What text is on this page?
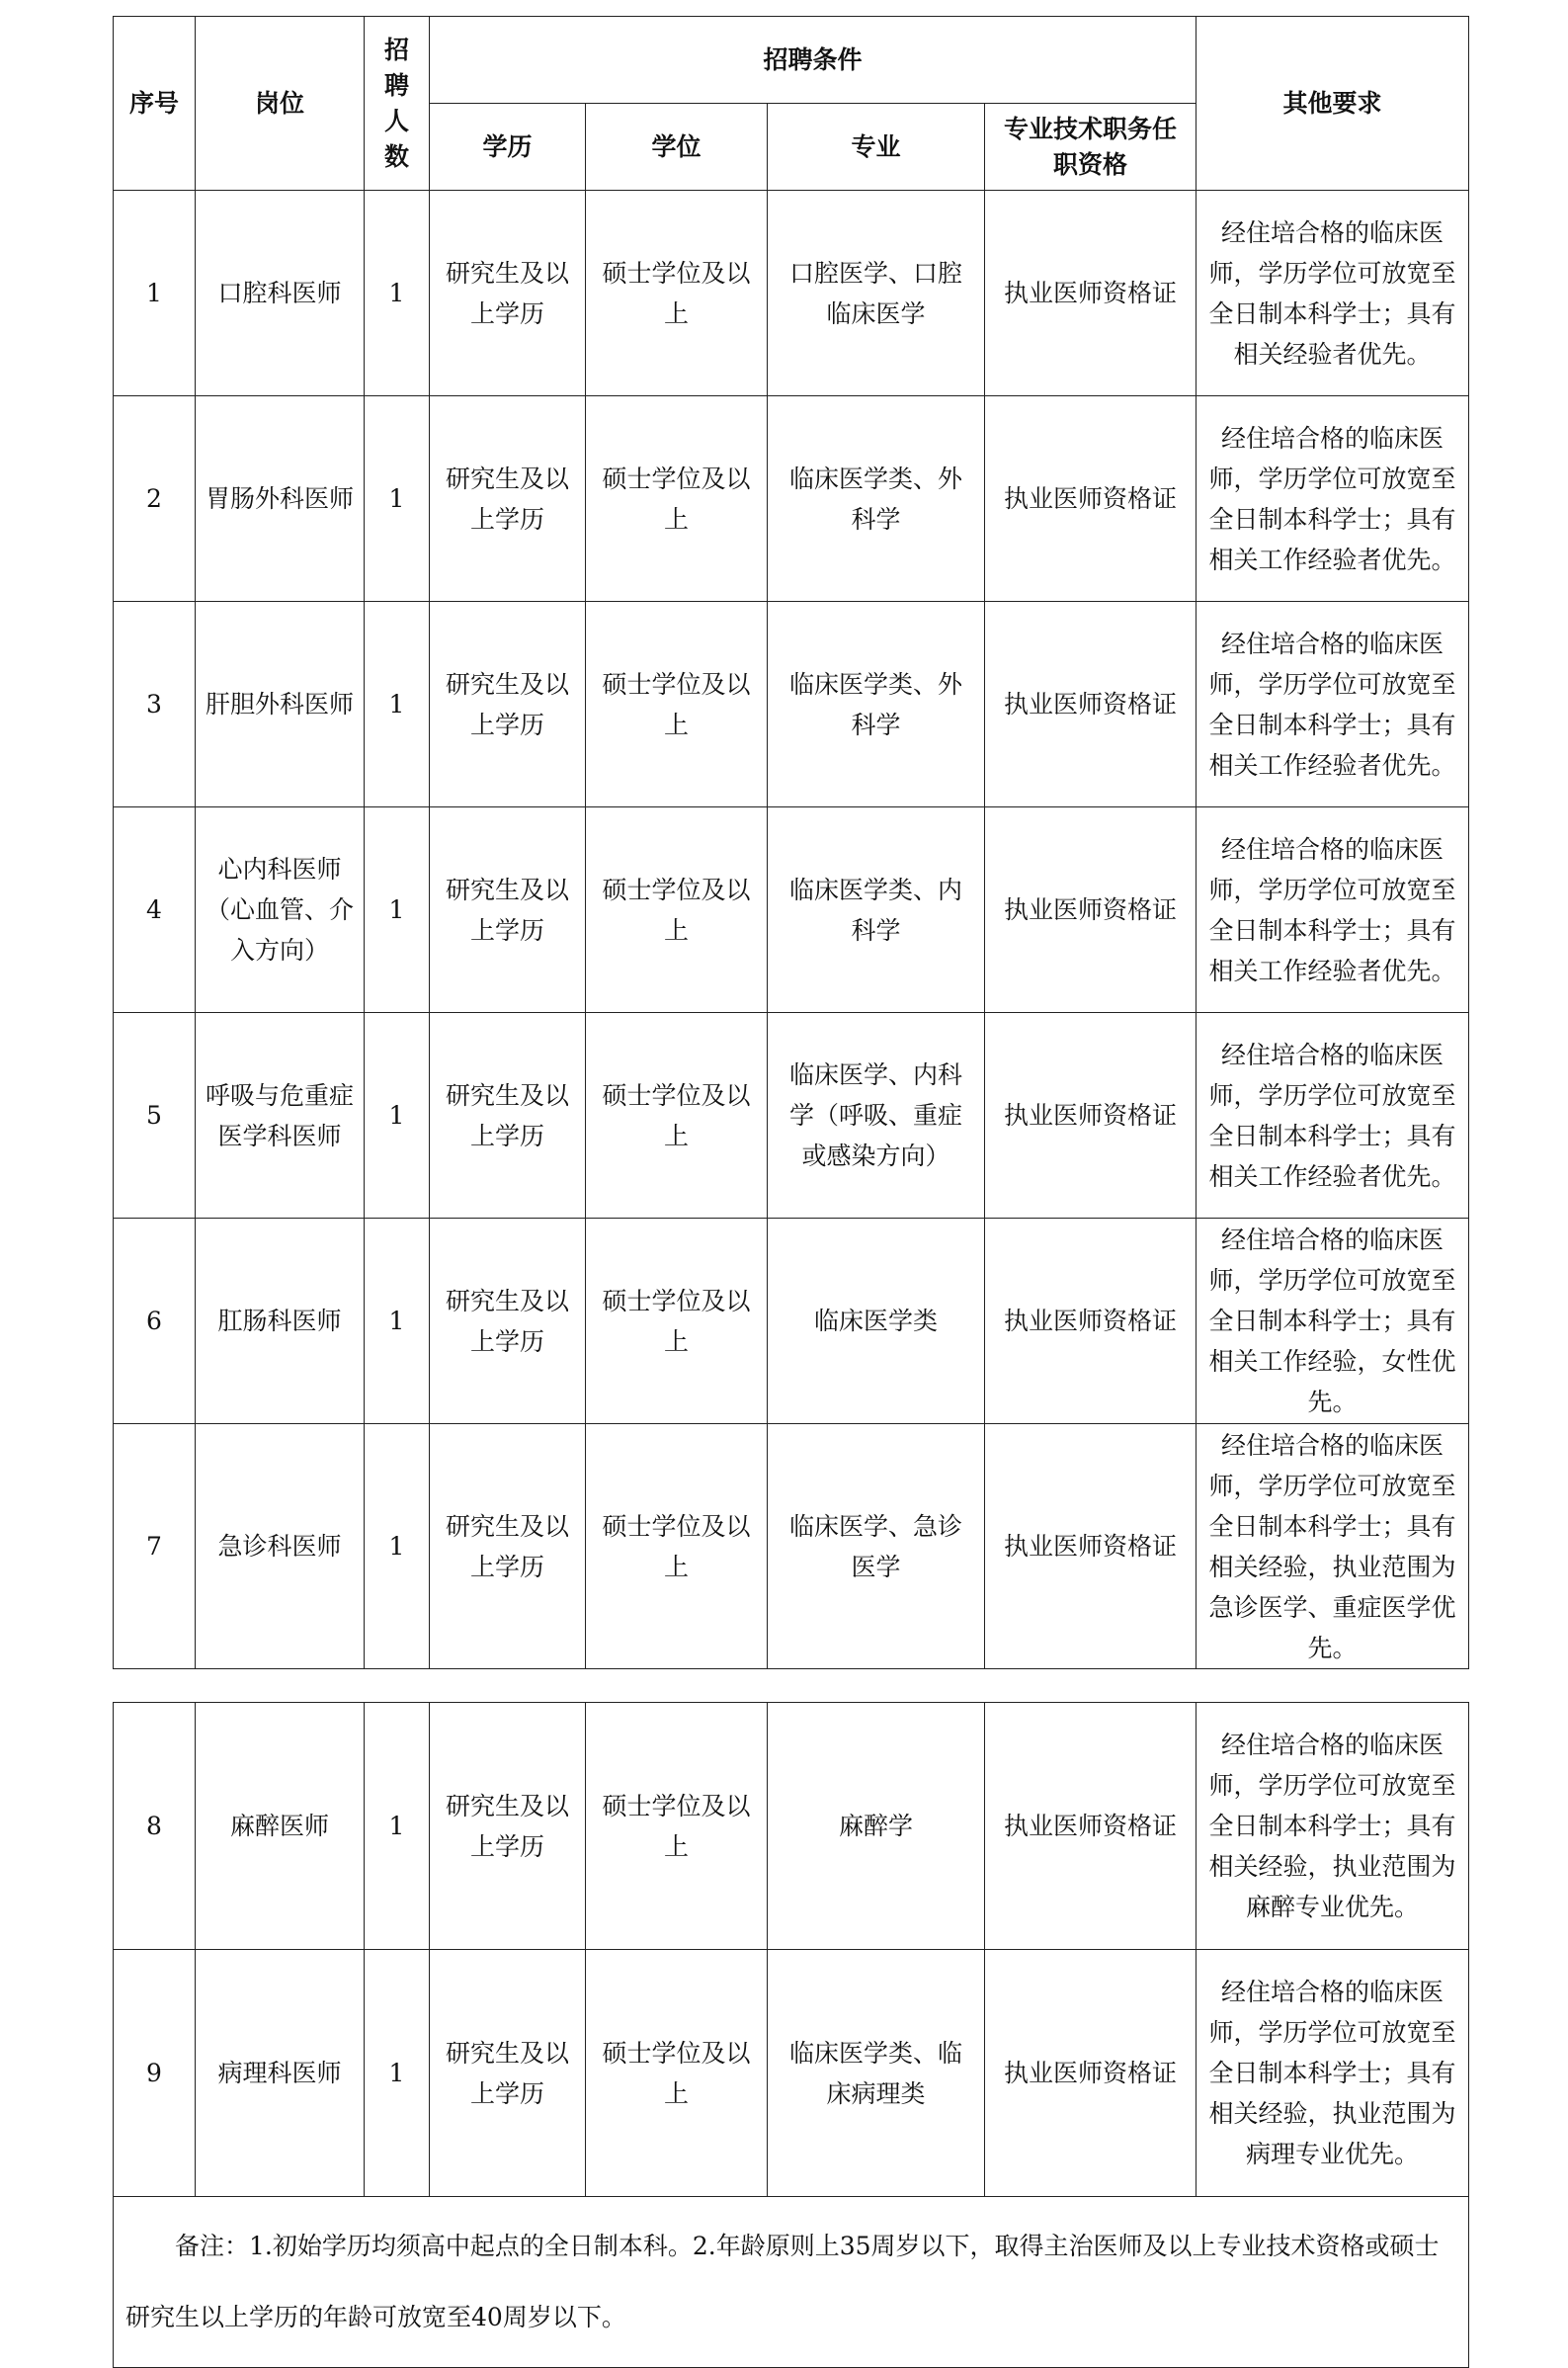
序号	岗位	招聘人数	招聘条件				其他要求
			学历	学位	专业	专业技术职务任职资格	
1	口腔科医师	1	研究生及以上学历	硕士学位及以上	口腔医学、口腔临床医学	执业医师资格证	经住培合格的临床医师，学历学位可放宽至全日制本科学士；具有相关经验者优先。
2	胃肠外科医师	1	研究生及以上学历	硕士学位及以上	临床医学类、外科学	执业医师资格证	经住培合格的临床医师，学历学位可放宽至全日制本科学士；具有相关工作经验者优先。
3	肝胆外科医师	1	研究生及以上学历	硕士学位及以上	临床医学类、外科学	执业医师资格证	经住培合格的临床医师，学历学位可放宽至全日制本科学士；具有相关工作经验者优先。
4	心内科医师（心血管、介入方向）	1	研究生及以上学历	硕士学位及以上	临床医学类、内科学	执业医师资格证	经住培合格的临床医师，学历学位可放宽至全日制本科学士；具有相关工作经验者优先。
5	呼吸与危重症医学科医师	1	研究生及以上学历	硕士学位及以上	临床医学、内科学（呼吸、重症或感染方向）	执业医师资格证	经住培合格的临床医师，学历学位可放宽至全日制本科学士；具有相关工作经验者优先。
6	肛肠科医师	1	研究生及以上学历	硕士学位及以上	临床医学类	执业医师资格证	经住培合格的临床医师，学历学位可放宽至全日制本科学士；具有相关工作经验，女性优先。
7	急诊科医师	1	研究生及以上学历	硕士学位及以上	临床医学、急诊医学	执业医师资格证	经住培合格的临床医师，学历学位可放宽至全日制本科学士；具有相关经验，执业范围为急诊医学、重症医学优先。
8	麻醉医师	1	研究生及以上学历	硕士学位及以上	麻醉学	执业医师资格证	经住培合格的临床医师，学历学位可放宽至全日制本科学士；具有相关经验，执业范围为麻醉专业优先。
9	病理科医师	1	研究生及以上学历	硕士学位及以上	临床医学类、临床病理类	执业医师资格证	经住培合格的临床医师，学历学位可放宽至全日制本科学士；具有相关经验，执业范围为病理专业优先。

备注：1.初始学历均须高中起点的全日制本科。2.年龄原则上35周岁以下，取得主治医师及以上专业技术资格或硕士研究生以上学历的年龄可放宽至40周岁以下。							
